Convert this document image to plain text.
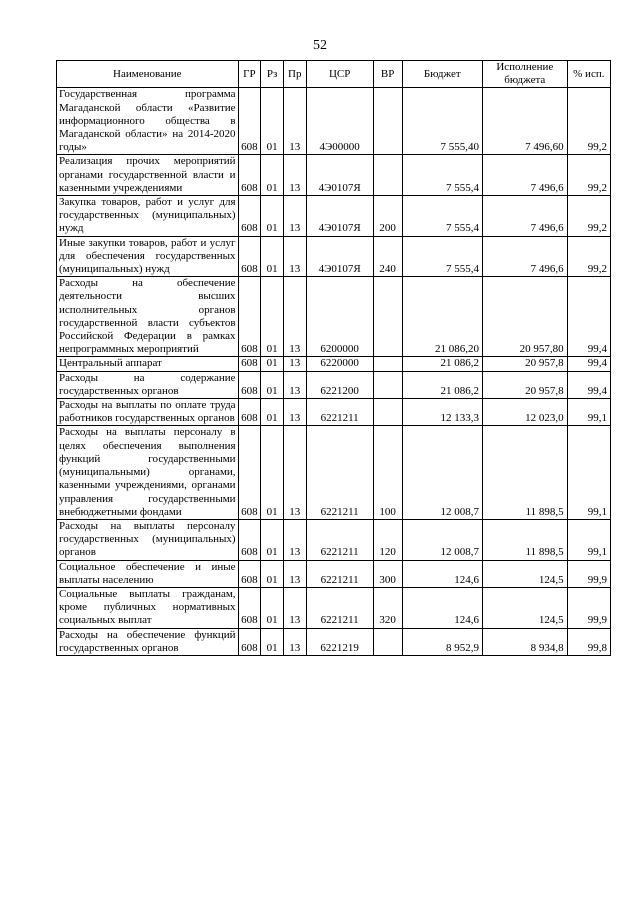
52
Наименование	ГР	Рз	Пр	ЦСР	ВР	Бюджет	Исполнение бюджета	% исп.
Государственная программа Магаданской области «Развитие информационного общества в Магаданской области» на 2014-2020 годы»	608	01	13	4Э00000		7 555,40	7 496,60	99,2
Реализация прочих мероприятий органами государственной власти и казенными учреждениями	608	01	13	4Э0107Я		7 555,4	7 496,6	99,2
Закупка товаров, работ и услуг для государственных (муниципальных) нужд	608	01	13	4Э0107Я	200	7 555,4	7 496,6	99,2
Иные закупки товаров, работ и услуг для обеспечения государственных (муниципальных) нужд	608	01	13	4Э0107Я	240	7 555,4	7 496,6	99,2
Расходы на обеспечение деятельности высших исполнительных органов государственной власти субъектов Российской Федерации в рамках непрограммных мероприятий	608	01	13	6200000		21 086,20	20 957,80	99,4
Центральный аппарат	608	01	13	6220000		21 086,2	20 957,8	99,4
Расходы на содержание государственных органов	608	01	13	6221200		21 086,2	20 957,8	99,4
Расходы на выплаты по оплате труда работников государственных органов	608	01	13	6221211		12 133,3	12 023,0	99,1
Расходы на выплаты персоналу в целях обеспечения выполнения функций государственными (муниципальными) органами, казенными учреждениями, органами управления государственными внебюджетными фондами	608	01	13	6221211	100	12 008,7	11 898,5	99,1
Расходы на выплаты персоналу государственных (муниципальных) органов	608	01	13	6221211	120	12 008,7	11 898,5	99,1
Социальное обеспечение и иные выплаты населению	608	01	13	6221211	300	124,6	124,5	99,9
Социальные выплаты гражданам, кроме публичных нормативных социальных выплат	608	01	13	6221211	320	124,6	124,5	99,9
Расходы на обеспечение функций государственных органов	608	01	13	6221219		8 952,9	8 934,8	99,8
